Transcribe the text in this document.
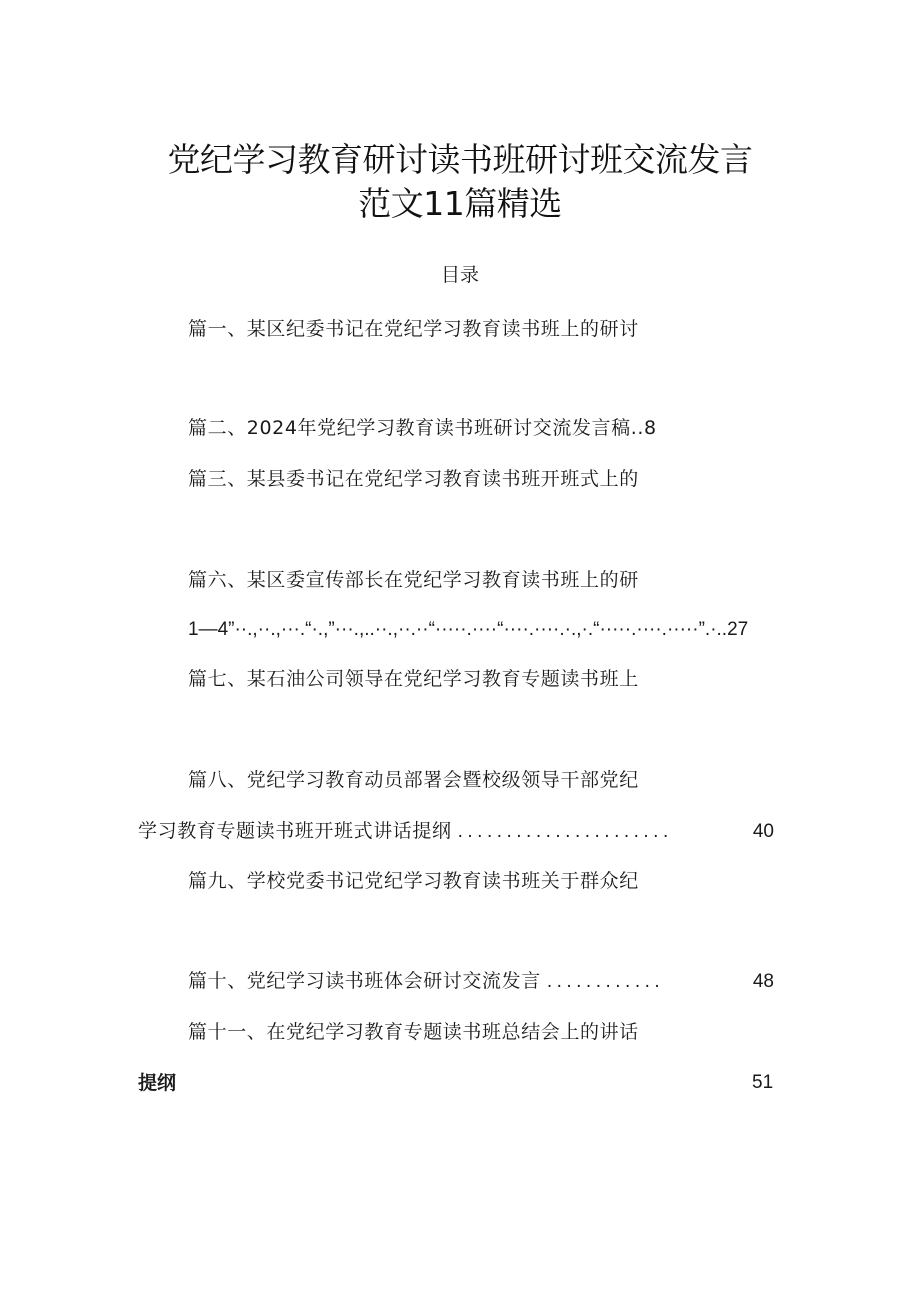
党纪学习教育研讨读书班研讨班交流发言
范文11篇精选
目录
篇一、某区纪委书记在党纪学习教育读书班上的研讨
篇二、2024年党纪学习教育读书班研讨交流发言稿..8
篇三、某县委书记在党纪学习教育读书班开班式上的
篇六、某区委宣传部长在党纪学习教育读书班上的研
1—4”··.,··.,···.“·.,”···.,..··.,··.··“·····.····“····.····.·.,·.“·····.····.·····”.·..27
篇七、某石油公司领导在党纪学习教育专题读书班上
篇八、党纪学习教育动员部署会暨校级领导干部党纪
学习教育专题读书班开班式讲话提纲 ......................	40
篇九、学校党委书记党纪学习教育读书班关于群众纪
篇十、党纪学习读书班体会研讨交流发言 ............	48
篇十一、在党纪学习教育专题读书班总结会上的讲话
提纲	51
